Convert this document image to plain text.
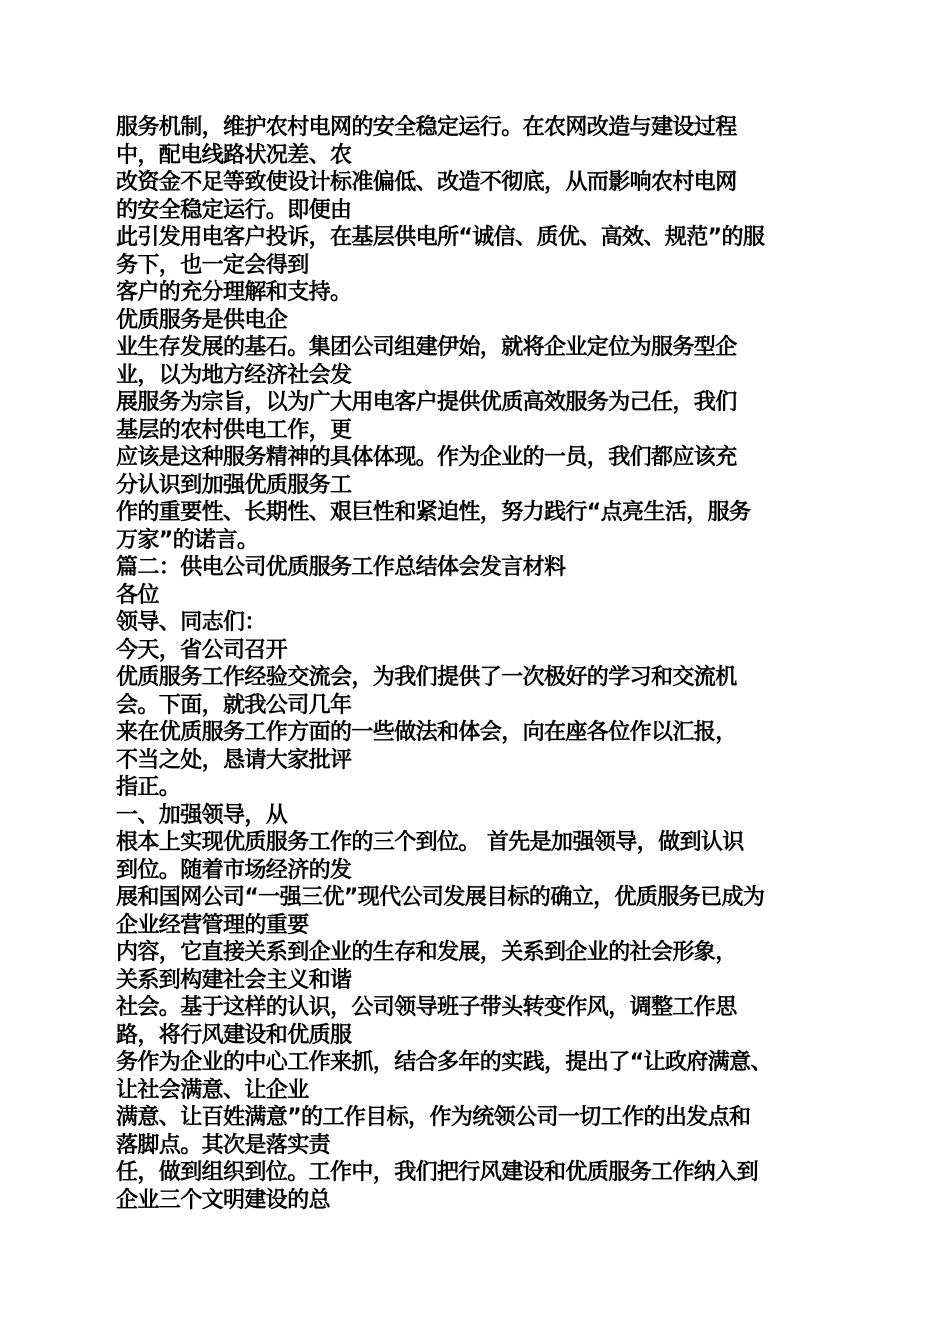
服务机制，维护农村电网的安全稳定运行。在农网改造与建设过程
中，配电线路状况差、农
改资金不足等致使设计标准偏低、改造不彻底，从而影响农村电网
的安全稳定运行。即便由
此引发用电客户投诉，在基层供电所“诚信、质优、高效、规范”的服
务下，也一定会得到
客户的充分理解和支持。
优质服务是供电企
业生存发展的基石。集团公司组建伊始，就将企业定位为服务型企
业，以为地方经济社会发
展服务为宗旨，以为广大用电客户提供优质高效服务为己任，我们
基层的农村供电工作，更
应该是这种服务精神的具体体现。作为企业的一员，我们都应该充
分认识到加强优质服务工
作的重要性、长期性、艰巨性和紧迫性，努力践行“点亮生活，服务
万家”的诺言。
篇二：供电公司优质服务工作总结体会发言材料
各位
领导、同志们：
今天，省公司召开
优质服务工作经验交流会，为我们提供了一次极好的学习和交流机
会。下面，就我公司几年
来在优质服务工作方面的一些做法和体会，向在座各位作以汇报，
不当之处，恳请大家批评
指正。
一、加强领导，从
根本上实现优质服务工作的三个到位。 首先是加强领导，做到认识
到位。随着市场经济的发
展和国网公司“一强三优”现代公司发展目标的确立，优质服务已成为
企业经营管理的重要
内容，它直接关系到企业的生存和发展，关系到企业的社会形象，
关系到构建社会主义和谐
社会。基于这样的认识，公司领导班子带头转变作风，调整工作思
路，将行风建设和优质服
务作为企业的中心工作来抓，结合多年的实践，提出了“让政府满意、
让社会满意、让企业
满意、让百姓满意”的工作目标，作为统领公司一切工作的出发点和
落脚点。其次是落实责
任，做到组织到位。工作中，我们把行风建设和优质服务工作纳入到
企业三个文明建设的总
